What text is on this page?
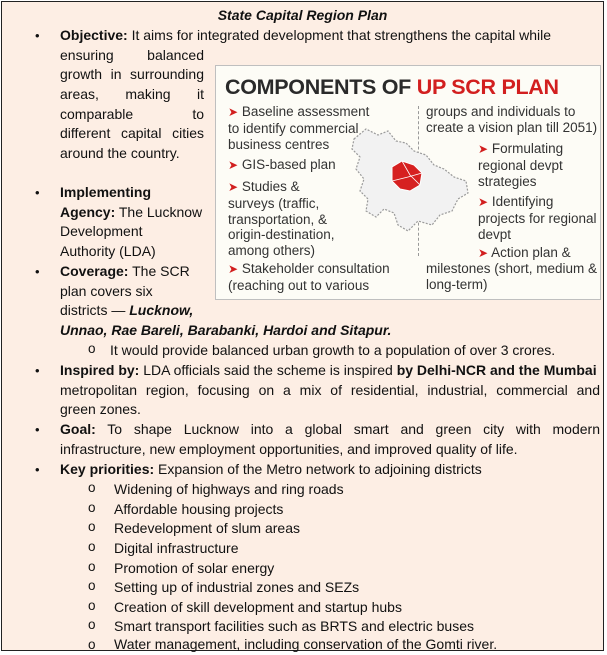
State Capital Region Plan
• Objective: It aims for integrated development that strengthens the capital while
ensuring balanced
growth in surrounding
areas, making it
comparable to
different capital cities
around the country.
• Implementing
Agency: The Lucknow
Development
Authority (LDA)
• Coverage: The SCR
plan covers six
districts — Lucknow,
Unnao, Rae Bareli, Barabanki, Hardoi and Sitapur.
o It would provide balanced urban growth to a population of over 3 crores.
• Inspired by: LDA officials said the scheme is inspired by Delhi-NCR and the Mumbai
metropolitan region, focusing on a mix of residential, industrial, commercial and
green zones.
• Goal: To shape Lucknow into a global smart and green city with modern
infrastructure, new employment opportunities, and improved quality of life.
• Key priorities: Expansion of the Metro network to adjoining districts
o Widening of highways and ring roads
o Affordable housing projects
o Redevelopment of slum areas
o Digital infrastructure
o Promotion of solar energy
o Setting up of industrial zones and SEZs
o Creation of skill development and startup hubs
o Smart transport facilities such as BRTS and electric buses
o Water management, including conservation of the Gomti river.
COMPONENTS OF UP SCR PLAN
➤ Baseline assessment
to identify commercial
business centres
➤ GIS-based plan
➤ Studies &
surveys (traffic,
transportation, &
origin-destination,
among others)
➤ Stakeholder consultation
(reaching out to various
groups and individuals to
create a vision plan till 2051)
➤ Formulating
regional devpt
strategies
➤ Identifying
projects for regional
devpt
➤ Action plan &
milestones (short, medium &
long-term)
